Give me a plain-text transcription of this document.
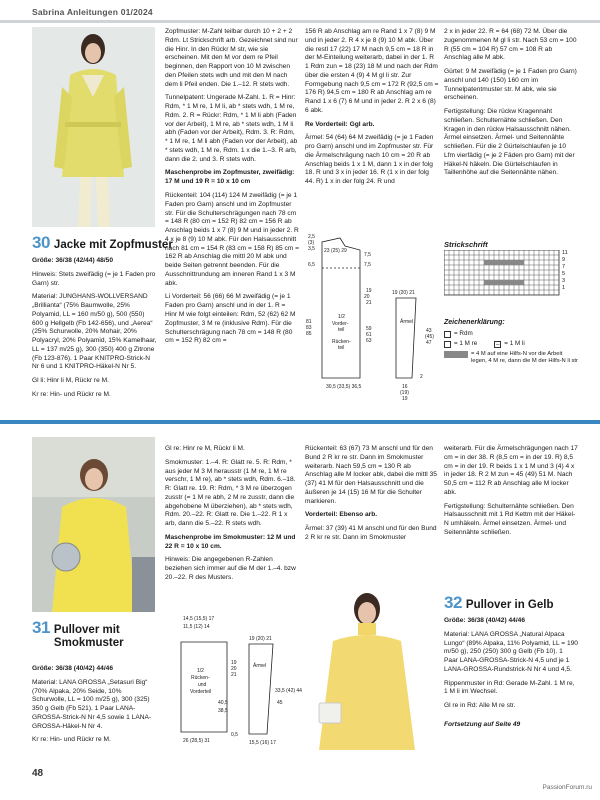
Sabrina Anleitungen 01/2024
30 Jacke mit Zopfmuster

Größe: 36/38 (42/44) 48/50

Hinweis: Stets zweifädig (= je 1 Faden pro Garn) str.

Material: JUNGHANS-WOLLVERSAND „Brillianta“ (75% Baumwolle, 25% Polyamid, LL = 160 m/50 g), 500 (550) 600 g Hellgelb (Fb 142-656), und „Aerea“ (25% Schurwolle, 20% Mohair, 20% Polyacryl, 20% Polyamid, 15% Kamelhaar, LL = 137 m/25 g), 300 (350) 400 g Zitrone (Fb 123-876). 1 Paar KNITPRO-Strick-N Nr 6 und 1 KNITPRO-Häkel-N Nr 5.

Gl li: Hinr li M, Rückr re M.

Kr re: Hin- und Rückr re M.

Zopfmuster: M-Zahl teilbar durch 10 + 2 + 2 Rdm. Lt Strickschrift arb. Gezeichnet sind nur die Hinr. In den Rückr M str, wie sie erscheinen. Mit den M vor dem re Pfeil beginnen, den Rapport von 10 M zwischen den Pfeilen stets wdh und mit den M nach dem li Pfeil enden. Die 1.–12. R stets wdh.

Tunnelpatent: Ungerade M-Zahl. 1. R = Hinr: Rdm, * 1 M re, 1 M li, ab * stets wdh, 1 M re, Rdm. 2. R = Rückr: Rdm, * 1 M li abh (Faden vor der Arbeit), 1 M re, ab * stets wdh, 1 M li abh (Faden vor der Arbeit), Rdm. 3. R: Rdm, * 1 M re, 1 M li abh (Faden vor der Arbeit), ab * stets wdh, 1 M re, Rdm. 1 x die 1.–3. R arb, dann die 2. und 3. R stets wdh.

Maschenprobe im Zopfmuster, zweifädig: 17 M und 19 R = 10 x 10 cm

Rückenteil: 104 (114) 124 M zweifädig (= je 1 Faden pro Garn) anschl und im Zopfmuster str. Für die Schulterschrägungen nach 78 cm = 148 R (80 cm = 152 R) 82 cm = 156 R ab Anschlag beids 1 x 7 (8) 9 M und in jeder 2. R 4 x je 8 (9) 10 M abk. Für den Halsausschnitt nach 81 cm = 154 R (83 cm = 158 R) 85 cm = 162 R ab Anschlag die mittl 20 M abk und beide Seiten getrennt beenden. Für die Ausschnittrundung am inneren Rand 1 x 3 M abk.

Li Vorderteil: 56 (66) 66 M zweifädig (= je 1 Faden pro Garn) anschl und in der 1. R = Hinr M wie folgt einteilen: Rdm, 52 (62) 62 M Zopfmuster, 3 M re (inklusive Rdm). Für die Schulterschrägung nach 78 cm = 148 R (80 cm = 152 R) 82 cm =

156 R ab Anschlag am re Rand 1 x 7 (8) 9 M und in jeder 2. R 4 x je 8 (9) 10 M abk. Über die restl 17 (22) 17 M nach 9,5 cm = 18 R in der M-Einteilung weiterarb, dabei in der 1. R 1 Rdm zun = 18 (23) 18 M und nach der Rdm über die ersten 4 (9) 4 M gl li str. Zur Formgebung nach 9,5 cm = 172 R (92,5 cm = 176 R) 94,5 cm = 180 R ab Anschlag am re Rand 1 x 6 (7) 6 M und in jeder 2. R 2 x 6 (8) 6 abk.

Re Vorderteil: Ggl arb.

Ärmel: 54 (64) 64 M zweifädig (= je 1 Faden pro Garn) anschl und im Zopfmuster str. Für die Ärmelschrägung nach 10 cm = 20 R ab Anschlag beids 1 x 1 M, dann 1 x in der folg 18. R und 3 x in jeder 16. R (1 x in der folg 44. R) 1 x in der folg 24. R und

2 x in jeder 22. R = 64 (68) 72 M. Über die zugenommenen M gl li str. Nach 53 cm = 100 R (55 cm = 104 R) 57 cm = 108 R ab Anschlag alle M abk.

Gürtel: 9 M zweifädig (= je 1 Faden pro Garn) anschl und 140 (150) 160 cm im Tunnelpatentmuster str. M abk, wie sie erscheinen.

Fertigstellung: Die rückw Kragennaht schließen. Schulternähte schließen. Den Kragen in den rückw Halsausschnitt nähen. Ärmel einsetzen. Ärmel- und Seitennähte schließen. Für die 2 Gürtelschlaufen je 10 Lfm vierfädig (= je 2 Fäden pro Garn) mit der Häkel-N häkeln. Die Gürtelschlaufen in Taillenhöhe auf die Seitennähte nähen.

1/2
Vorder-
teil
Rücken-
teil
Ärmel
2,5
(3)
3,5 23 (25) 29
7,5
7,5
6,5
81
83
85
59
61
63
19 (20) 21
43
(45)
47
16
(19)
19
2
19
20
21
30,5 (33,5) 36,5
Strickschrift
11
9
7
5
3
1
Zeichenerklärung:
= Rdm
= 1 M re	– = 1 M li
= 4 M auf eine Hilfs-N vor die Arbeit legen, 4 M re, dann die M der Hilfs-N li str
31 Pullover mit Smokmuster

Größe: 36/38 (40/42) 44/46

Material: LANA GROSSA „Setasuri Big“ (70% Alpaka, 20% Seide, 10% Schurwolle, LL = 100 m/25 g), 300 (325) 350 g Gelb (Fb 521). 1 Paar LANA-GROSSA-Strick-N Nr 4,5 sowie 1 LANA-GROSSA-Häkel-N Nr 4.

Kr re: Hin- und Rückr re M.

Gl re: Hinr re M, Rückr li M.

Smokmuster: 1.–4. R: Glatt re. 5. R: Rdm, * aus jeder M 3 M herausstr (1 M re, 1 M re verschr, 1 M re), ab * stets wdh, Rdm. 6.–18. R: Glatt re. 19. R: Rdm, * 3 M re überzogen zusstr (= 1 M re abh, 2 M re zusstr, dann die abgehobene M überziehen), ab * stets wdh, Rdm. 20.–22. R: Glatt re. Die 1.–22. R 1 x arb, dann die 5.–22. R stets wdh.

Maschenprobe im Smokmuster: 12 M und 22 R = 10 x 10 cm.

Hinweis: Die angegebenen R-Zahlen beziehen sich immer auf die M der 1.–4. bzw 20.–22. R des Musters.

Rückenteil: 63 (67) 73 M anschl und für den Bund 2 R kr re str. Dann im Smokmuster weiterarb. Nach 59,5 cm = 130 R ab Anschlag alle M locker abk, dabei die mittl 35 (37) 41 M für den Halsausschnitt und die äußeren je 14 (15) 16 M für die Schulter markieren.

Vorderteil: Ebenso arb.

Ärmel: 37 (39) 41 M anschl und für den Bund 2 R kr re str. Dann im Smokmuster

weiterarb. Für die Ärmelschrägungen nach 17 cm = in der 38. R (8,5 cm = in der 19. R) 8,5 cm = in der 19. R beids 1 x 1 M und 3 (4) 4 x in jeder 18. R 2 M zun = 45 (49) 51 M. Nach 50,5 cm = 112 R ab Anschlag alle M locker abk.

Fertigstellung: Schulternähte schließen. Den Halsausschnitt mit 1 Rd Kettm mit der Häkel-N umhäkeln. Ärmel einsetzen. Ärmel- und Seitennähte schließen.

1/2
Rücken-
und
Vorderteil
Ärmel
14,5 (15,5) 17
11,5 (12) 14
19
20
21
26 (28,5) 31
19 (20) 21
40,5
38,5
0,5
15,5 (16) 17
33,5 (42) 44
45
32 Pullover in Gelb

Größe: 36/38 (40/42) 44/46

Material: LANA GROSSA „Natural Alpaca Lungo“ (89% Alpaka, 11% Polyamid, LL = 190 m/50 g), 250 (250) 300 g Gelb (Fb 10). 1 Paar LANA-GROSSA-Strick-N 4,5 und je 1 LANA-GROSSA-Rundstrick-N Nr 4 und 4,5.

Rippenmuster in Rd: Gerade M-Zahl. 1 M re, 1 M li im Wechsel.

Gl re in Rd: Alle M re str.

Fortsetzung auf Seite 49

48
PassionForum.ru
